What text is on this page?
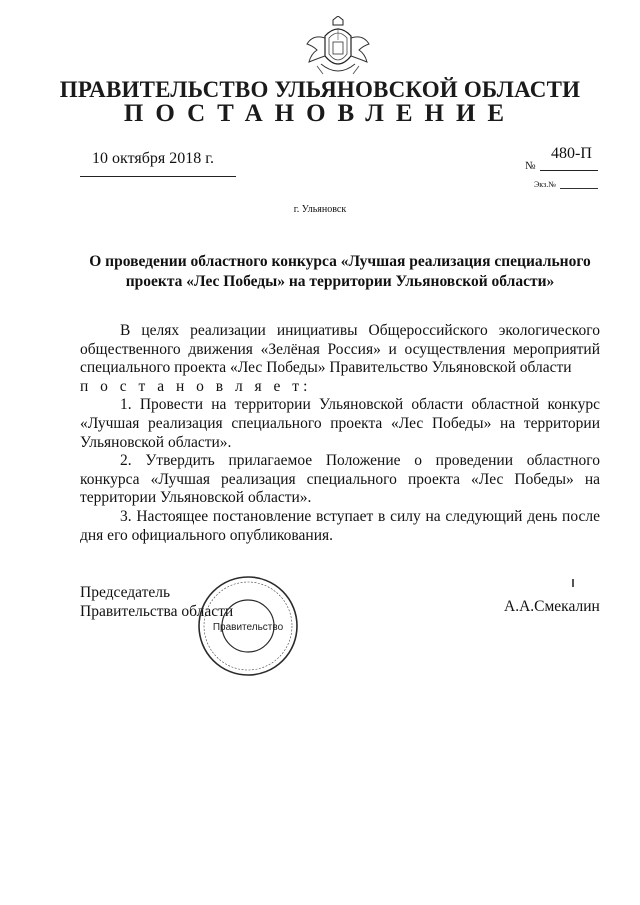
ПРАВИТЕЛЬСТВО УЛЬЯНОВСКОЙ ОБЛАСТИ
ПОСТАНОВЛЕНИЕ
10 октября 2018 г.	№
480-П
Экз.№
г. Ульяновск
О проведении областного конкурса «Лучшая реализация специального
проекта «Лес Победы» на территории Ульяновской области»

В целях реализации инициативы Общероссийского экологического общественного движения «Зелёная Россия» и осуществления мероприятий специального проекта «Лес Победы» Правительство Ульяновской области

п о с т а н о в л я е т:

1. Провести на территории Ульяновской области областной конкурс «Лучшая реализация специального проекта «Лес Победы» на территории Ульяновской области».

2. Утвердить прилагаемое Положение о проведении областного конкурса «Лучшая реализация специального проекта «Лес Победы» на территории Ульяновской области».

3. Настоящее постановление вступает в силу на следующий день после дня его официального опубликования.

Председатель
Правительства области
Правительство
А.А.Смекалин
